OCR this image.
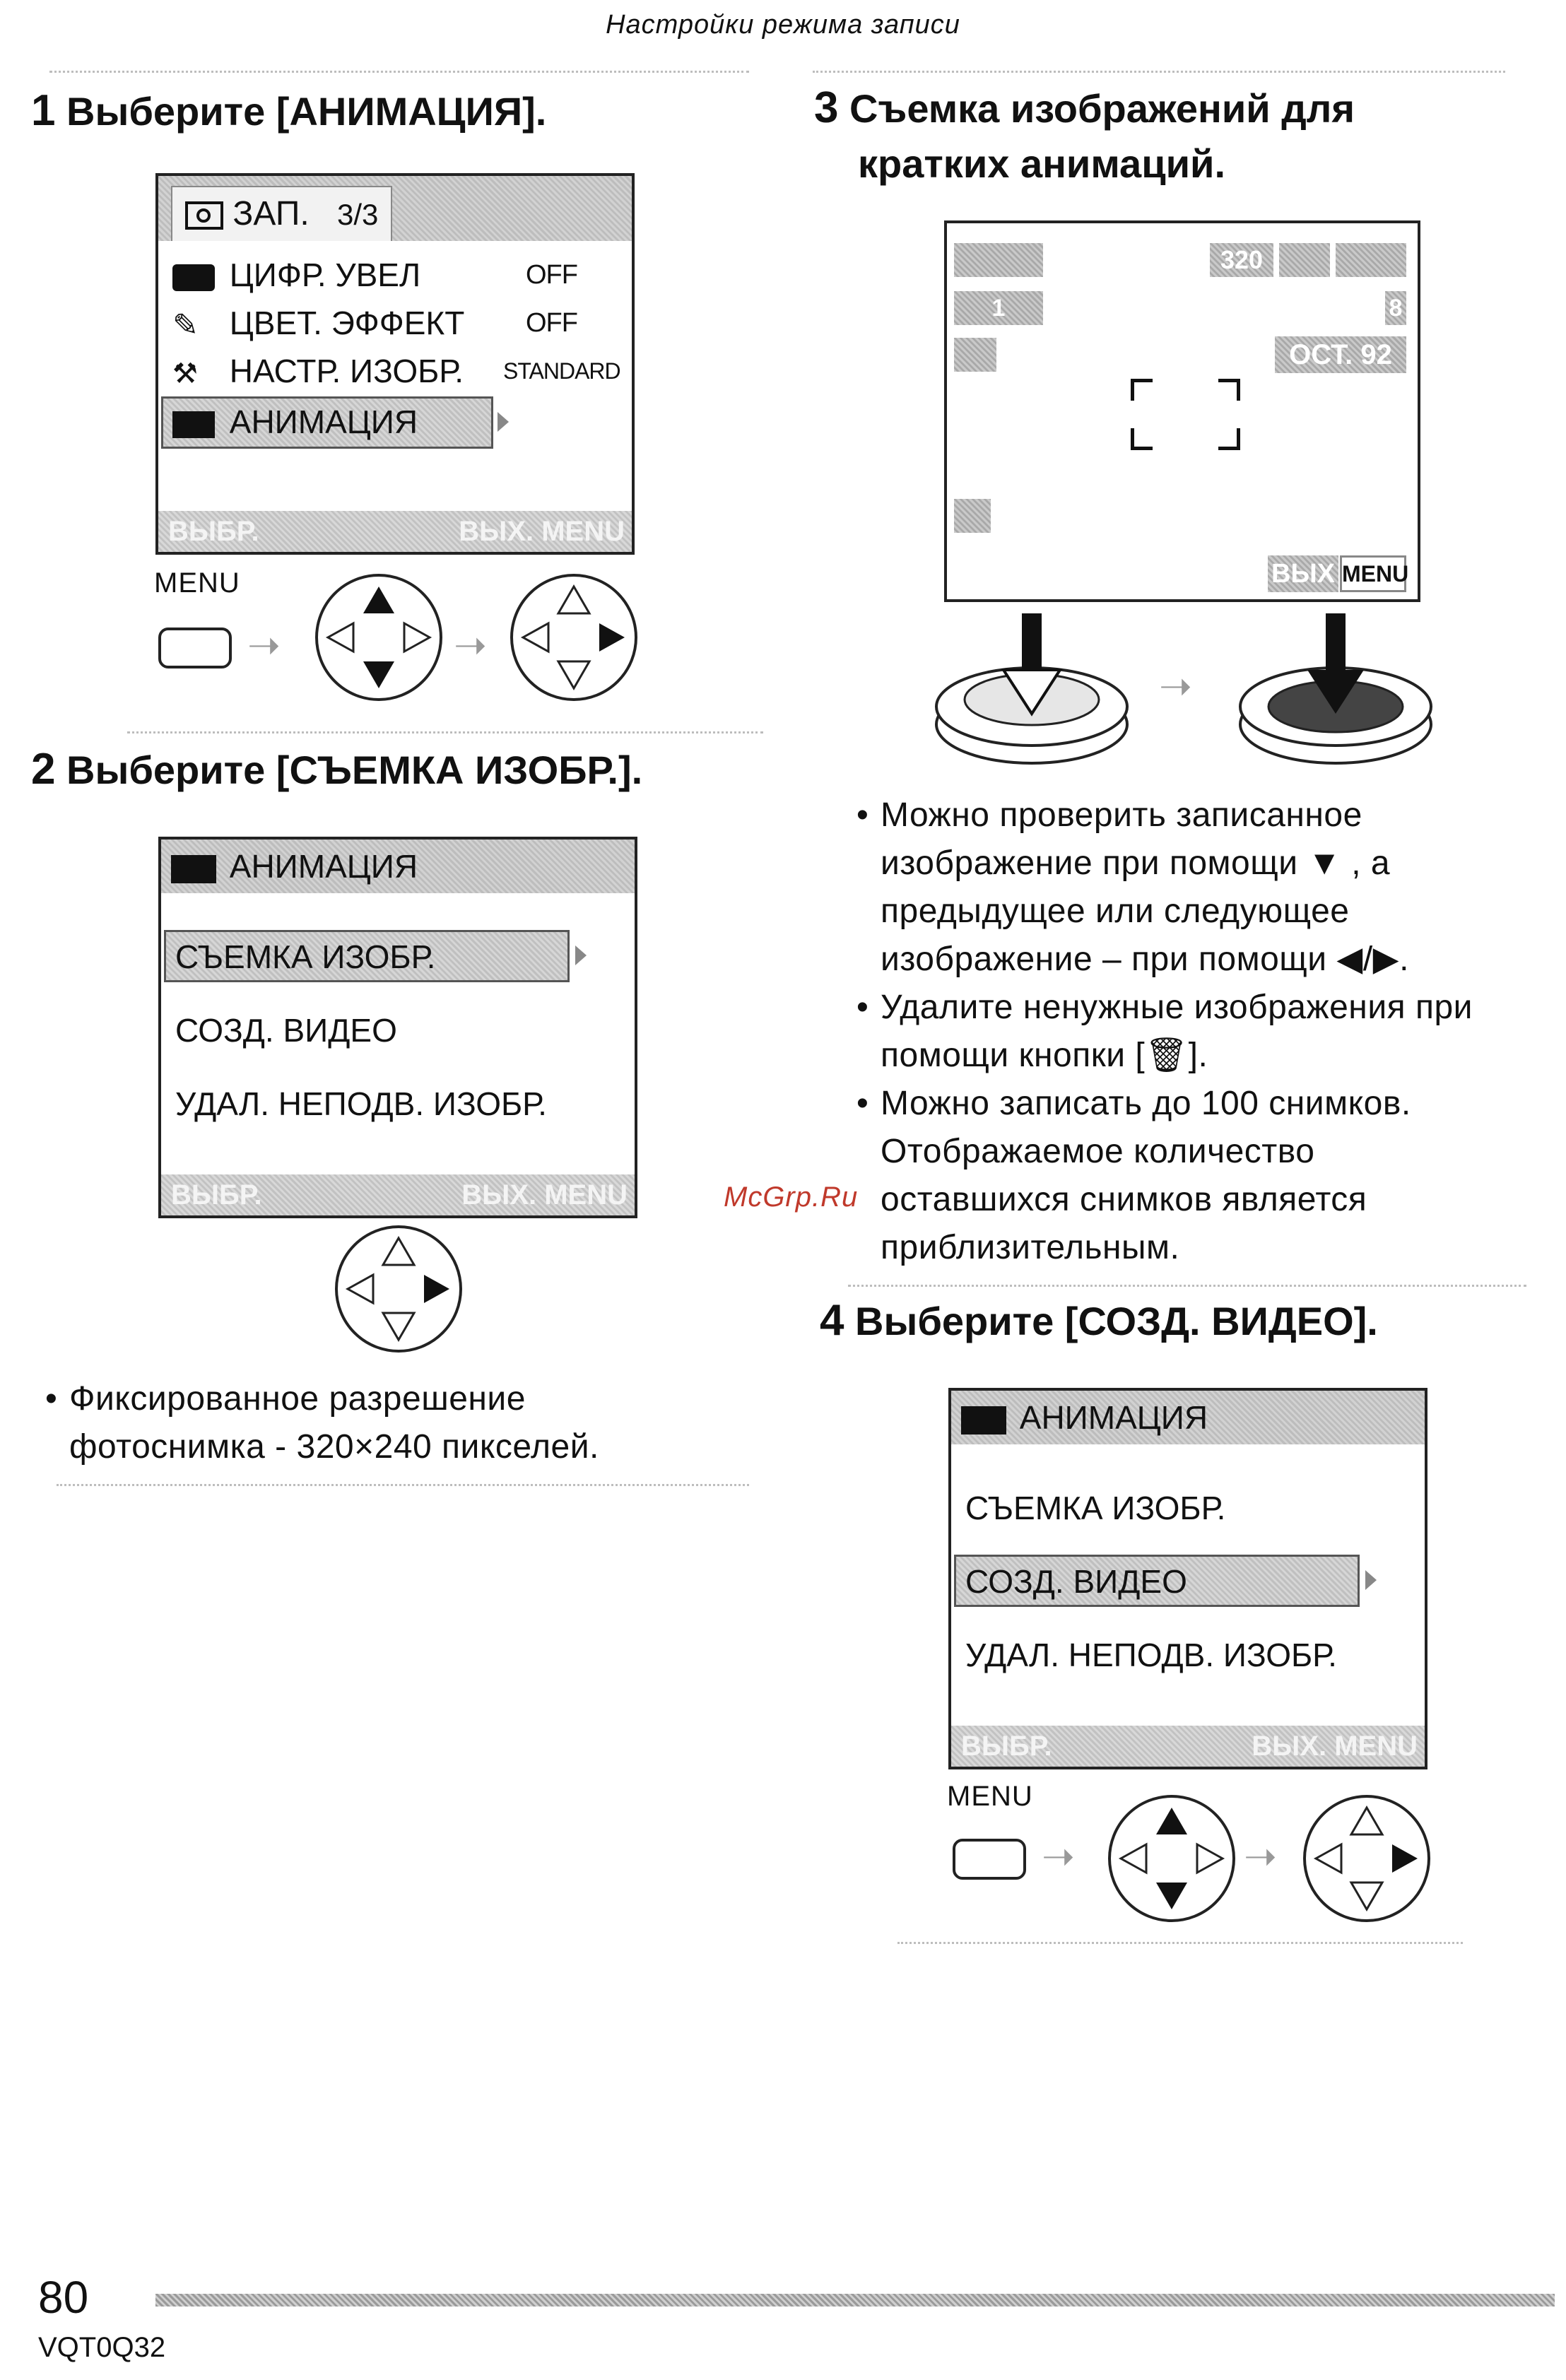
Настройки режима записи
1 Выберите [АНИМАЦИЯ].
ЗАП. 3/3
ЦИФР. УВЕЛ	OFF
✎ ЦВЕТ. ЭФФЕКТ OFF
⚒ НАСТР. ИЗОБР. STANDARD
АНИМАЦИЯ
ВЫБР.	ВЫХ. MENU
MENU
➝	➝
2 Выберите [СЪЕМКА ИЗОБР.].
АНИМАЦИЯ
СЪЕМКА ИЗОБР.
СОЗД. ВИДЕО
УДАЛ. НЕПОДВ. ИЗОБР.
ВЫБР.	ВЫХ. MENU
• Фиксированное разрешение
фотоснимка - 320×240 пикселей.
3 Съемка изображений для
кратких анимаций.
320
1	8
ОСТ. 92
ВЫХ MENU
➝
• Можно проверить записанное
изображение при помощи ▼ , а
предыдущее или следующее
изображение – при помощи ◀/▶.
• Удалите ненужные изображения при
помощи кнопки [🗑].
• Можно записать до 100 снимков.
Отображаемое количество
оставшихся снимков является
приблизительным.
McGrp.Ru
4 Выберите [СОЗД. ВИДЕО].
АНИМАЦИЯ
СЪЕМКА ИЗОБР.
СОЗД. ВИДЕО
УДАЛ. НЕПОДВ. ИЗОБР.
ВЫБР.	ВЫХ. MENU
MENU
➝	➝
80
VQT0Q32
